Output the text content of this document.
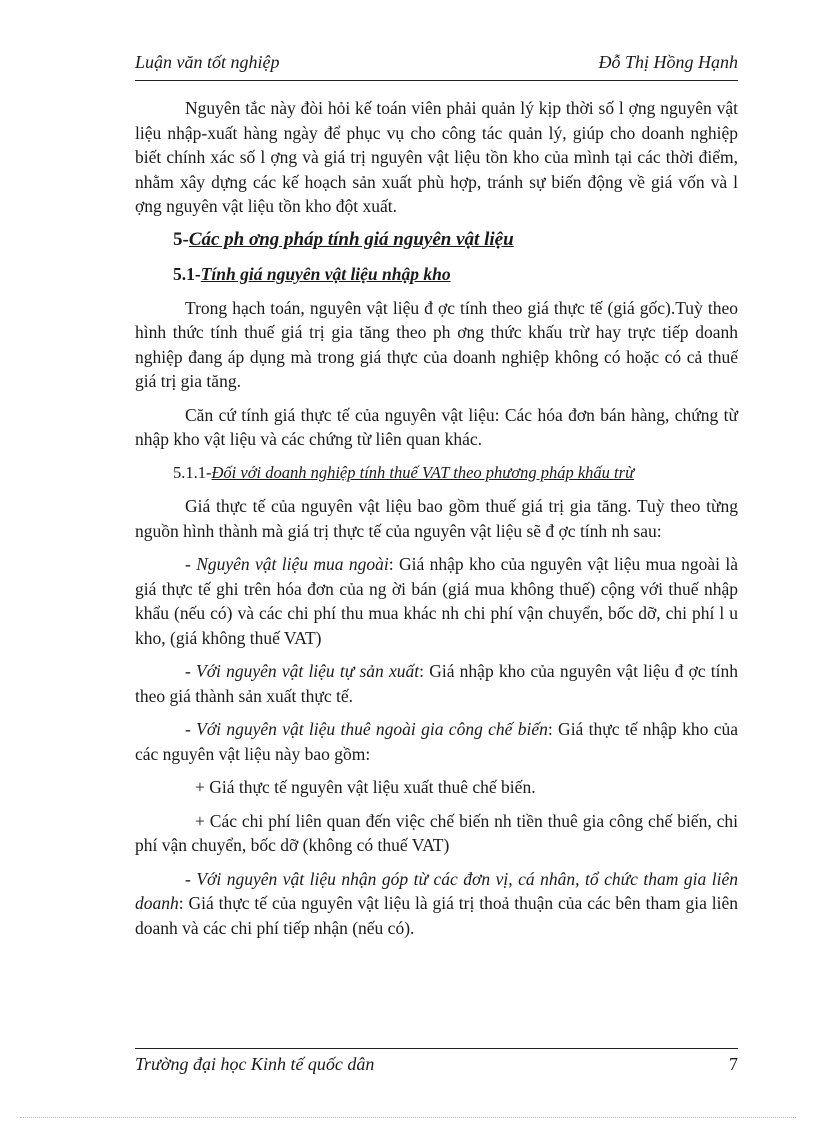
Luận văn tốt nghiệp	Đỗ Thị Hồng Hạnh

Nguyên tắc này đòi hỏi kế toán viên phải quản lý kịp thời số l ợng nguyên vật liệu nhập-xuất hàng ngày để phục vụ cho công tác quản lý, giúp cho doanh nghiệp biết chính xác số l ợng và giá trị nguyên vật liệu tồn kho của mình tại các thời điểm, nhằm xây dựng các kế hoạch sản xuất phù hợp, tránh sự biến động về giá vốn và l ợng nguyên vật liệu tồn kho đột xuất.

5-Các ph ơng pháp tính giá nguyên vật liệu
5.1-Tính giá nguyên vật liệu nhập kho

Trong hạch toán, nguyên vật liệu đ ợc tính theo giá thực tế (giá gốc).Tuỳ theo hình thức tính thuế giá trị gia tăng theo ph ơng thức khấu trừ hay trực tiếp doanh nghiệp đang áp dụng mà trong giá thực của doanh nghiệp không có hoặc có cả thuế giá trị gia tăng.

Căn cứ tính giá thực tế của nguyên vật liệu: Các hóa đơn bán hàng, chứng từ nhập kho vật liệu và các chứng từ liên quan khác.

5.1.1-Đối với doanh nghiệp tính thuế VAT theo phương pháp khấu trừ

Giá thực tế của nguyên vật liệu bao gồm thuế giá trị gia tăng. Tuỳ theo từng nguồn hình thành mà giá trị thực tế của nguyên vật liệu sẽ đ ợc tính nh sau:

- Nguyên vật liệu mua ngoài: Giá nhập kho của nguyên vật liệu mua ngoài là giá thực tế ghi trên hóa đơn của ng ời bán (giá mua không thuế) cộng với thuế nhập khẩu (nếu có) và các chi phí thu mua khác nh chi phí vận chuyển, bốc dỡ, chi phí l u kho, (giá không thuế VAT)

- Với nguyên vật liệu tự sản xuất: Giá nhập kho của nguyên vật liệu đ ợc tính theo giá thành sản xuất thực tế.

- Với nguyên vật liệu thuê ngoài gia công chế biến: Giá thực tế nhập kho của các nguyên vật liệu này bao gồm:

+ Giá thực tế nguyên vật liệu xuất thuê chế biến.

+ Các chi phí liên quan đến việc chế biến nh tiền thuê gia công chế biến, chi phí vận chuyển, bốc dỡ (không có thuế VAT)

- Với nguyên vật liệu nhận góp từ các đơn vị, cá nhân, tổ chức tham gia liên doanh: Giá thực tế của nguyên vật liệu là giá trị thoả thuận của các bên tham gia liên doanh và các chi phí tiếp nhận (nếu có).

Trường đại học Kinh tế quốc dân	7
